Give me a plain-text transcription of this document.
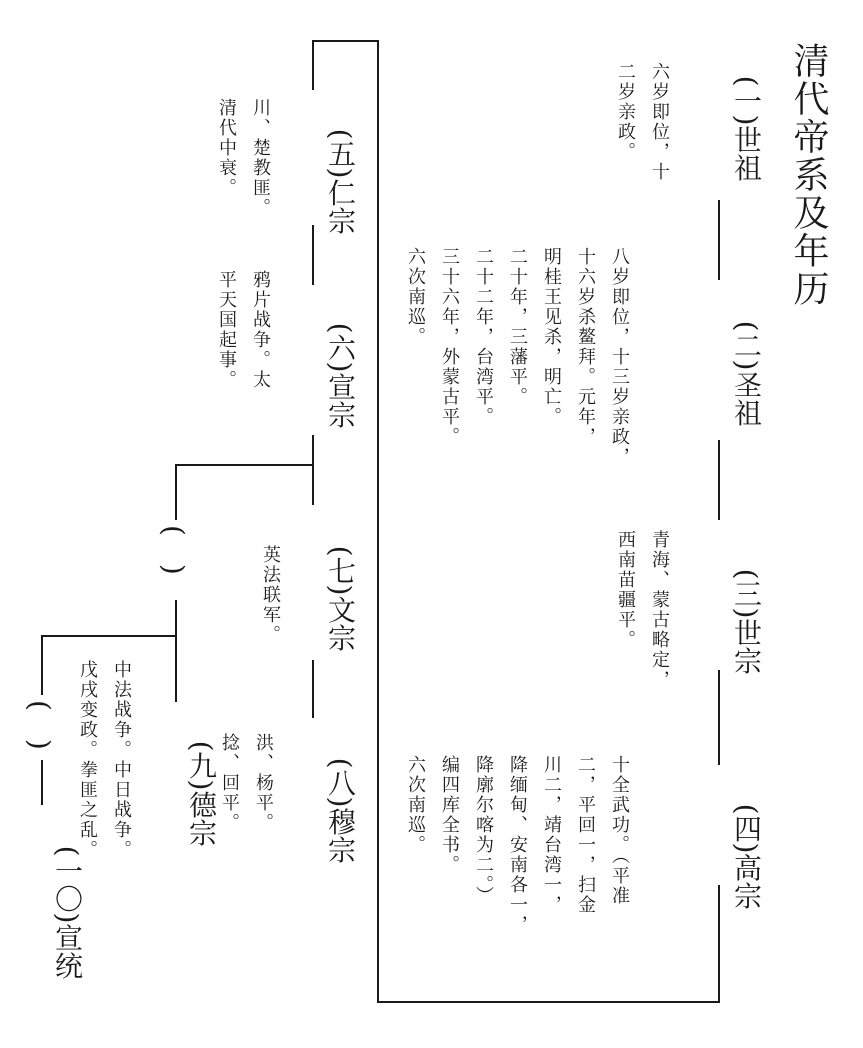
清代帝系及年历

(一)世祖

六岁即位，十
二岁亲政。

(二)圣祖

八岁即位，十三岁亲政，
十六岁杀鳌拜。元年，
明桂王见杀，明亡。
二十年，三藩平。
二十二年，台湾平。
三十六年，外蒙古平。
六次南巡。

(三)世宗

青海、蒙古略定，
西南苗疆平。

(四)高宗

十全武功。（平准
二，平回一，扫金
川二，靖台湾一，
降缅甸、安南各一，
降廓尔喀为二。）
编四库全书。
六次南巡。

(五)仁宗

川、楚教匪。
清代中衰。

(六)宣宗

鸦片战争。太
平天国起事。

(七)文宗

英法联军。

(八)穆宗

洪、杨平。
捻、回平。

(九)德宗

中法战争。中日战争。
戊戌变政。拳匪之乱。

(一〇)宣统

(　)
(　)
